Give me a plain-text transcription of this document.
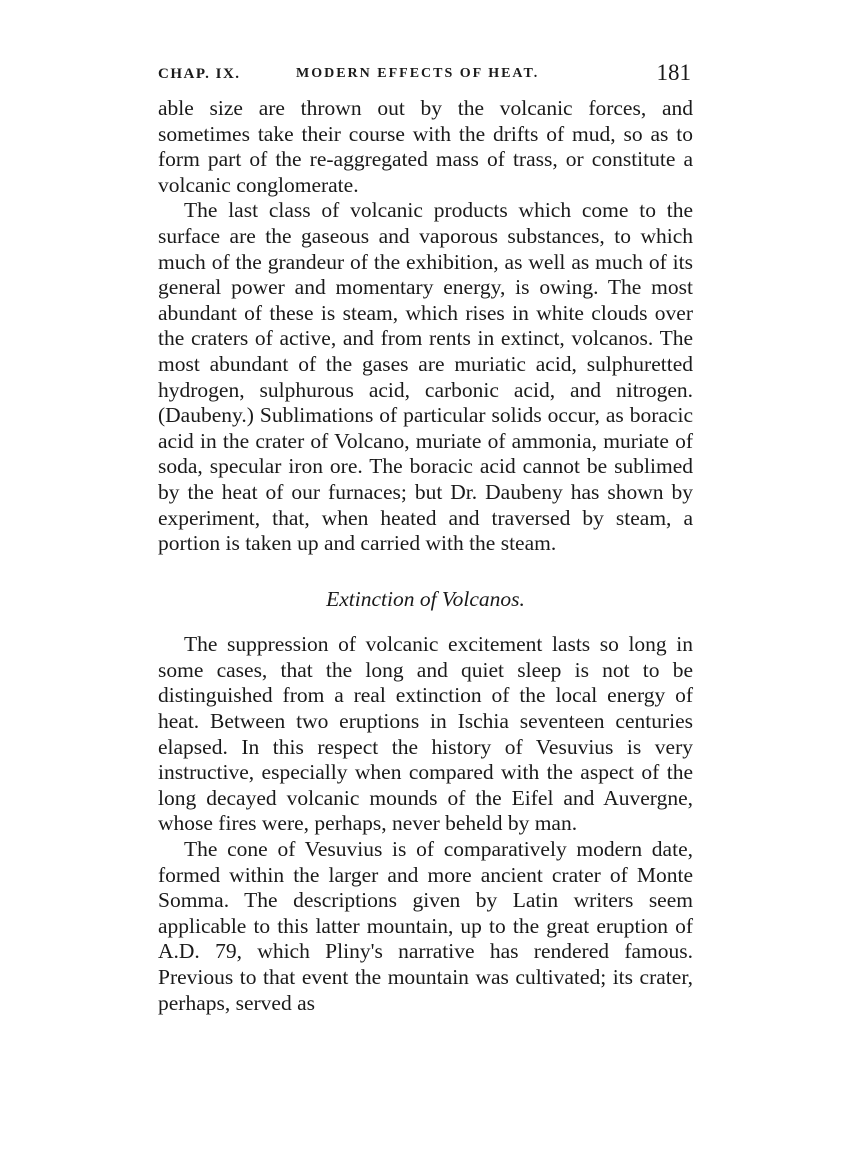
CHAP. IX.	MODERN EFFECTS OF HEAT.	181

able size are thrown out by the volcanic forces, and sometimes take their course with the drifts of mud, so as to form part of the re-aggregated mass of trass, or constitute a volcanic conglomerate.

The last class of volcanic products which come to the surface are the gaseous and vaporous substances, to which much of the grandeur of the exhibition, as well as much of its general power and momentary energy, is owing. The most abundant of these is steam, which rises in white clouds over the craters of active, and from rents in extinct, volcanos. The most abundant of the gases are muriatic acid, sulphuretted hydrogen, sulphurous acid, carbonic acid, and nitrogen. (Daubeny.) Sublimations of particular solids occur, as boracic acid in the crater of Volcano, muriate of ammonia, muriate of soda, specular iron ore. The boracic acid cannot be sublimed by the heat of our furnaces; but Dr. Daubeny has shown by experiment, that, when heated and traversed by steam, a portion is taken up and carried with the steam.

Extinction of Volcanos.

The suppression of volcanic excitement lasts so long in some cases, that the long and quiet sleep is not to be distinguished from a real extinction of the local energy of heat. Between two eruptions in Ischia seventeen centuries elapsed. In this respect the history of Vesuvius is very instructive, especially when compared with the aspect of the long decayed volcanic mounds of the Eifel and Auvergne, whose fires were, perhaps, never beheld by man.

The cone of Vesuvius is of comparatively modern date, formed within the larger and more ancient crater of Monte Somma. The descriptions given by Latin writers seem applicable to this latter mountain, up to the great eruption of A.D. 79, which Pliny's narrative has rendered famous. Previous to that event the mountain was cultivated; its crater, perhaps, served as
